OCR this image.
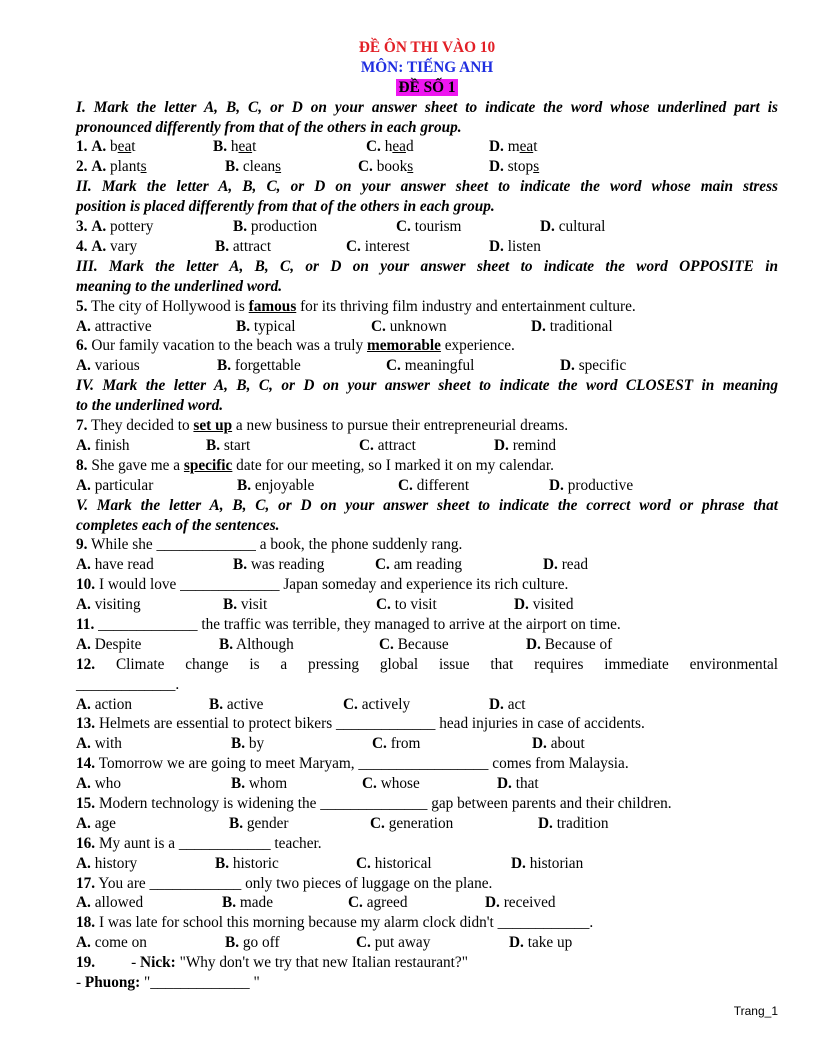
ĐỀ ÔN THI VÀO 10
MÔN: TIẾNG ANH
ĐỀ SỐ 1
I. Mark the letter A, B, C, or D on your answer sheet to indicate the word whose underlined part is
pronounced differently from that of the others in each group.
1. A. beat	B. heat	C. head	D. meat
2. A. plants	B. cleans	C. books	D. stops
II. Mark the letter A, B, C, or D on your answer sheet to indicate the word whose main stress
position is placed differently from that of the others in each group.
3. A. pottery	B. production	C. tourism	D. cultural
4. A. vary	B. attract	C. interest	D. listen
III. Mark the letter A, B, C, or D on your answer sheet to indicate the word OPPOSITE in
meaning to the underlined word.
5. The city of Hollywood is famous for its thriving film industry and entertainment culture.
A. attractive	B. typical	C. unknown	D. traditional
6. Our family vacation to the beach was a truly memorable experience.
A. various	B. forgettable	C. meaningful	D. specific
IV. Mark the letter A, B, C, or D on your answer sheet to indicate the word CLOSEST in meaning
to the underlined word.
7. They decided to set up a new business to pursue their entrepreneurial dreams.
A. finish	B. start	C. attract	D. remind
8. She gave me a specific date for our meeting, so I marked it on my calendar.
A. particular	B. enjoyable	C. different	D. productive
V. Mark the letter A, B, C, or D on your answer sheet to indicate the correct word or phrase that
completes each of the sentences.
9. While she _____________ a book, the phone suddenly rang.
A. have read	B. was reading	C. am reading	D. read
10. I would love _____________ Japan someday and experience its rich culture.
A. visiting	B. visit	C. to visit	D. visited
11. _____________ the traffic was terrible, they managed to arrive at the airport on time.
A. Despite	B. Although	C. Because	D. Because of
12. Climate change is a pressing global issue that requires immediate environmental
_____________.
A. action	B. active	C. actively	D. act
13. Helmets are essential to protect bikers _____________ head injuries in case of accidents.
A. with	B. by	C. from	D. about
14. Tomorrow we are going to meet Maryam, _________________ comes from Malaysia.
A. who	B. whom	C. whose	D. that
15. Modern technology is widening the ______________ gap between parents and their children.
A. age	B. gender	C. generation	D. tradition
16. My aunt is a ____________ teacher.
A. history	B. historic	C. historical	D. historian
17. You are ____________ only two pieces of luggage on the plane.
A. allowed	B. made	C. agreed	D. received
18. I was late for school this morning because my alarm clock didn't ____________.
A. come on	B. go off	C. put away	D. take up
19. - Nick: "Why don't we try that new Italian restaurant?"
- Phuong: "_____________ "
Trang_1
